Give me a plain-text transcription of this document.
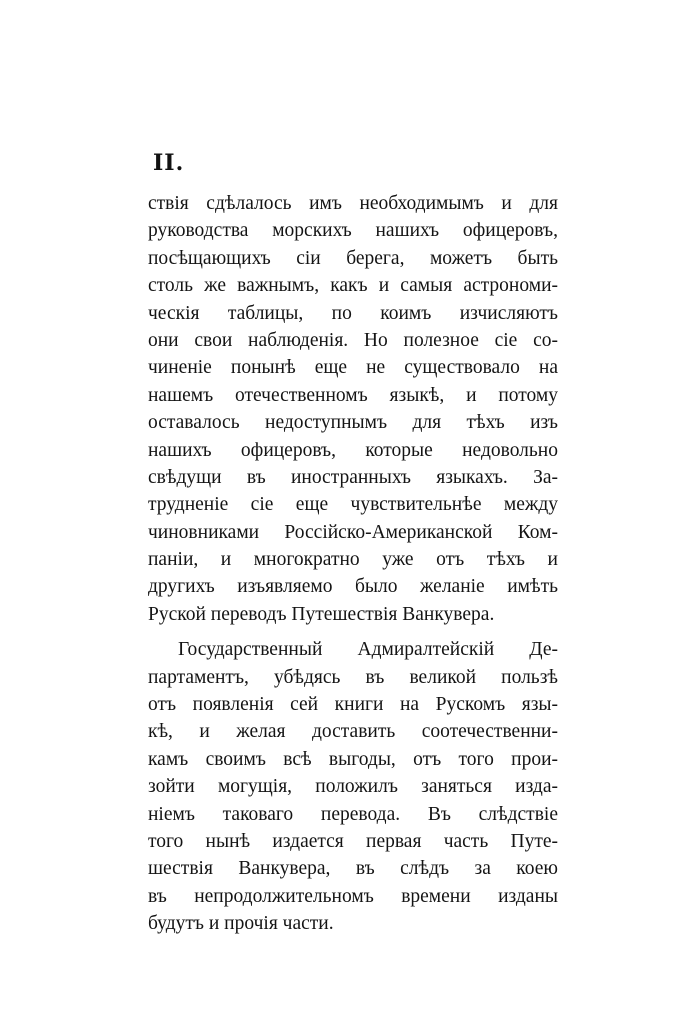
II.
ствія сдѣлалось имъ необходимымъ и для
руководства морскихъ нашихъ офицеровъ,
посѣщающихъ сіи берега, можетъ быть
столь же важнымъ, какъ и самыя астрономи-
ческія таблицы, по коимъ изчисляютъ
они свои наблюденія. Но полезное сіе со-
чиненіе понынѣ еще не существовало на
нашемъ отечественномъ языкѣ, и потому
оставалось недоступнымъ для тѣхъ изъ
нашихъ офицеровъ, которые недовольно
свѣдущи въ иностранныхъ языкахъ. За-
трудненіе сіе еще чувствительнѣе между
чиновниками Россійско-Американской Ком-
паніи, и многократно уже отъ тѣхъ и
другихъ изъявляемо было желаніе имѣть
Руской переводъ Путешествія Ванкувера.
Государственный Адмиралтейскій Де-
партаментъ, убѣдясь въ великой пользѣ
отъ появленія сей книги на Рускомъ язы-
кѣ, и желая доставить соотечественни-
камъ своимъ всѣ выгоды, отъ того прои-
зойти могущія, положилъ заняться изда-
ніемъ таковаго перевода. Въ слѣдствіе
того нынѣ издается первая часть Путе-
шествія Ванкувера, въ слѣдъ за коею
въ непродолжительномъ времени изданы
будутъ и прочія части.
